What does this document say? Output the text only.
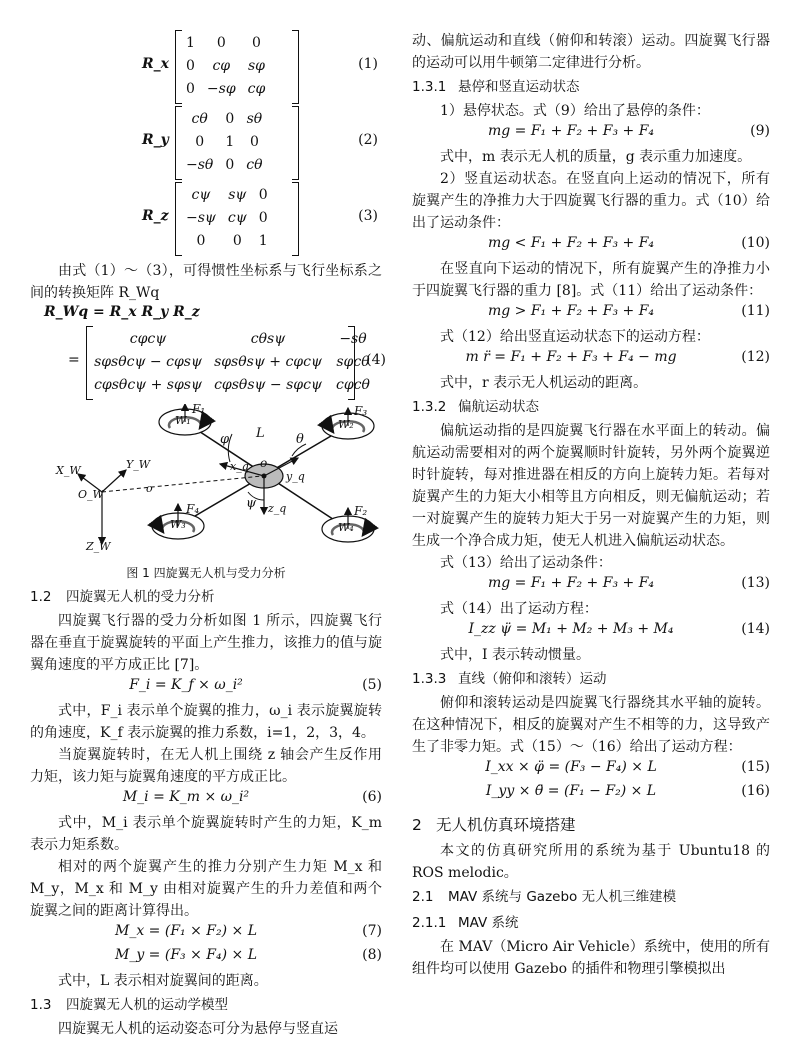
R_x
1	0	0
0	cφ	sφ
0	−sφ	cφ
(1)
R_y
cθ	0	sθ
0	1	0
−sθ	0	cθ
(2)
R_z
cψ	sψ	0
−sψ	cψ	0
0	0	1
(3)

由式（1）～（3），可得惯性坐标系与飞行坐标系之间的转换矩阵 R_Wq

R_Wq = R_x R_y R_z
=
cφcψ	cθsψ	−sθ
sφsθcψ − cφsψ	sφsθsψ + cφcψ	sφcθ
cφsθcψ + sφsψ	cφsθsψ − sφcψ	cφcθ
(4)
F₁	F₃
F₄	F₂
W₁	W₂
W₃	W₄
φ L θ
o
x_q
y_q
ψ z_q
O_W
X_W	Y_W
Z_W
o

图 1 四旋翼无人机与受力分析

1.2 四旋翼无人机的受力分析

四旋翼飞行器的受力分析如图 1 所示，四旋翼飞行器在垂直于旋翼旋转的平面上产生推力，该推力的值与旋翼角速度的平方成正比 [7]。

F_i = K_f × ω_i²	(5)

式中，F_i 表示单个旋翼的推力，ω_i 表示旋翼旋转的角速度，K_f 表示旋翼的推力系数，i=1，2，3，4。

当旋翼旋转时，在无人机上围绕 z 轴会产生反作用力矩，该力矩与旋翼角速度的平方成正比。

M_i = K_m × ω_i²	(6)

式中，M_i 表示单个旋翼旋转时产生的力矩，K_m 表示力矩系数。

相对的两个旋翼产生的推力分别产生力矩 M_x 和 M_y，M_x 和 M_y 由相对旋翼产生的升力差值和两个旋翼之间的距离计算得出。

M_x = (F₁ × F₂) × L	(7)
M_y = (F₃ × F₄) × L	(8)

式中，L 表示相对旋翼间的距离。

1.3 四旋翼无人机的运动学模型

四旋翼无人机的运动姿态可分为悬停与竖直运

动、偏航运动和直线（俯仰和转滚）运动。四旋翼飞行器的运动可以用牛顿第二定律进行分析。

1.3.1 悬停和竖直运动状态

1）悬停状态。式（9）给出了悬停的条件：

mg = F₁ + F₂ + F₃ + F₄	(9)

式中，m 表示无人机的质量，g 表示重力加速度。

2）竖直运动状态。在竖直向上运动的情况下，所有旋翼产生的净推力大于四旋翼飞行器的重力。式（10）给出了运动条件：

mg < F₁ + F₂ + F₃ + F₄	(10)

在竖直向下运动的情况下，所有旋翼产生的净推力小于四旋翼飞行器的重力 [8]。式（11）给出了运动条件：

mg > F₁ + F₂ + F₃ + F₄	(11)

式（12）给出竖直运动状态下的运动方程：

m r̈ = F₁ + F₂ + F₃ + F₄ − mg	(12)

式中，r 表示无人机运动的距离。

1.3.2 偏航运动状态

偏航运动指的是四旋翼飞行器在水平面上的转动。偏航运动需要相对的两个旋翼顺时针旋转，另外两个旋翼逆时针旋转，每对推进器在相反的方向上旋转力矩。若每对旋翼产生的力矩大小相等且方向相反，则无偏航运动；若一对旋翼产生的旋转力矩大于另一对旋翼产生的力矩，则生成一个净合成力矩，使无人机进入偏航运动状态。

式（13）给出了运动条件：

mg = F₁ + F₂ + F₃ + F₄	(13)

式（14）出了运动方程：

I_zz ψ̈ = M₁ + M₂ + M₃ + M₄	(14)

式中，I 表示转动惯量。

1.3.3 直线（俯仰和滚转）运动

俯仰和滚转运动是四旋翼飞行器绕其水平轴的旋转。在这种情况下，相反的旋翼对产生不相等的力，这导致产生了非零力矩。式（15）～（16）给出了运动方程：

I_xx × φ̈ = (F₃ − F₄) × L	(15)
I_yy × θ̈ = (F₁ − F₂) × L	(16)

2 无人机仿真环境搭建

本文的仿真研究所用的系统为基于 Ubuntu18 的 ROS melodic。

2.1 MAV 系统与 Gazebo 无人机三维建模

2.1.1 MAV 系统

在 MAV（Micro Air Vehicle）系统中，使用的所有组件均可以使用 Gazebo 的插件和物理引擎模拟出
